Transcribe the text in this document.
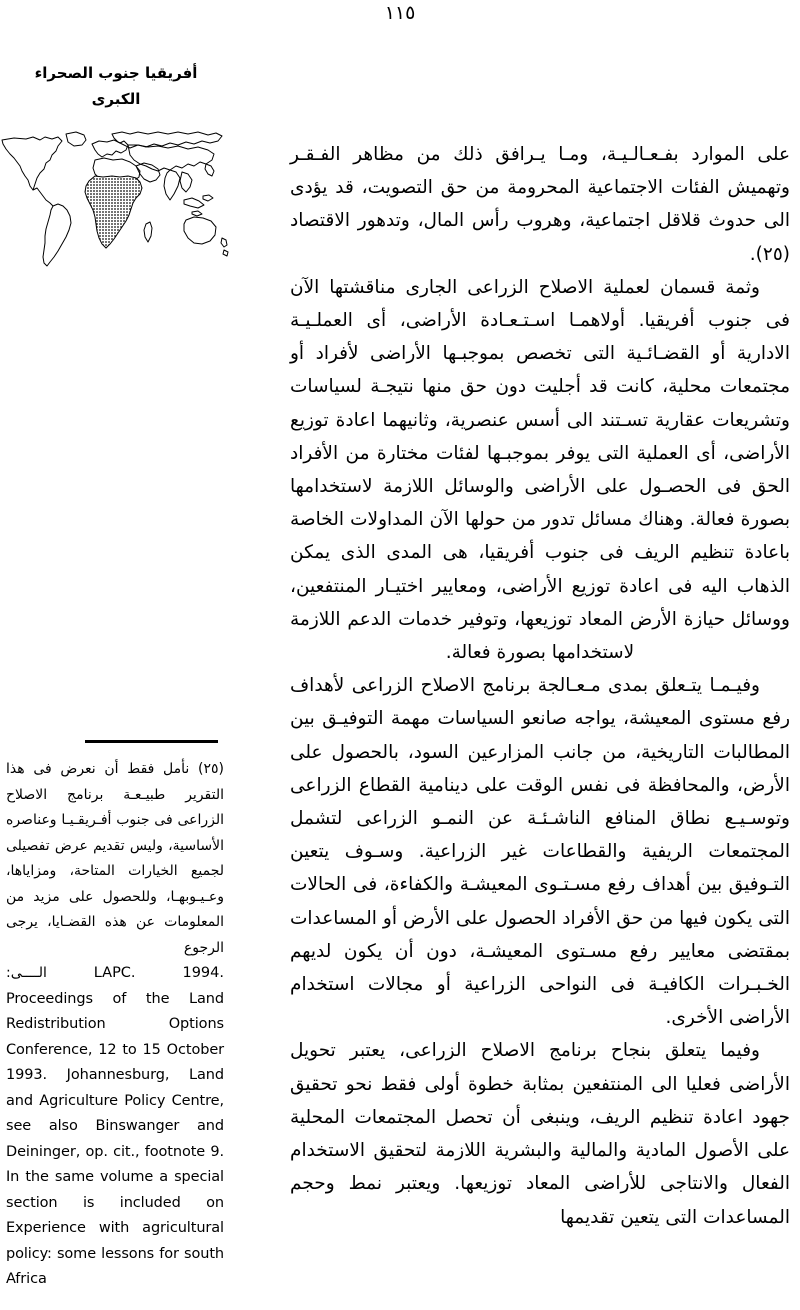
١١٥
أفريقيا جنوب الصحراء
الكبرى
(٢٥) نأمل فقط أن نعرض فى هذا التقرير طبيـعـة برنامج الاصلاح الزراعى فى جنوب أفـريقـيـا وعناصره الأساسية، وليس تقديم عرض تفصيلى لجميع الخيارات المتاحة، ومزاياها، وعـيـوبهـا، وللحصول على مزيد من المعلومات عن هذه القضـايا، يرجى الرجوع
LAPC. 1994. الــــى:
Proceedings of the Land Redistribution Options Conference, 12 to 15 October 1993. Johannesburg, Land and Agriculture Policy Centre, see also Binswanger and Deininger, op. cit., footnote 9. In the same volume a special section is included on Experience with agricultural policy: some lessons for south
Africa

على الموارد بفـعـالـيـة، ومـا يـرافق ذلك من مظاهر الفـقـر وتهميش الفئات الاجتماعية المحرومة من حق التصويت، قد يؤدى الى حدوث قلاقل اجتماعية، وهروب رأس المال، وتدهور الاقتصاد (٢٥).

وثمة قسمان لعملية الاصلاح الزراعى الجارى مناقشتها الآن فى جنوب أفريقيا. أولاهمـا اسـتـعـادة الأراضى، أى العملـيـة الادارية أو القضـائـية التى تخصص بموجبـها الأراضى لأفراد أو مجتمعات محلية، كانت قد أجليت دون حق منها نتيجـة لسياسات وتشريعات عقارية تسـتند الى أسس عنصرية، وثانيهما اعادة توزيع الأراضى، أى العملية التى يوفر بموجبـها لفئات مختارة من الأفراد الحق فى الحصـول على الأراضى والوسائل اللازمة لاستخدامها بصورة فعالة. وهناك مسائل تدور من حولها الآن المداولات الخاصة باعادة تنظيم الريف فى جنوب أفريقيا، هى المدى الذى يمكن الذهاب اليه فى اعادة توزيع الأراضى، ومعايير اختيـار المنتفعين، ووسائل حيازة الأرض المعاد توزيعها، وتوفير خدمات الدعم اللازمة لاستخدامها بصورة فعالة.

وفيـمـا يتـعلق بمدى مـعـالجة برنامج الاصلاح الزراعى لأهداف رفع مستوى المعيشة، يواجه صانعو السياسات مهمة التوفيـق بين المطالبات التاريخية، من جانب المزارعين السود، بالحصول على الأرض، والمحافظة فى نفس الوقت على دينامية القطاع الزراعى وتوسـيـع نطاق المنافع الناشـئـة عن النمـو الزراعى لتشمل المجتمعات الريفية والقطاعات غير الزراعية. وسـوف يتعين التـوفيق بين أهداف رفع مسـتـوى المعيشـة والكفاءة، فى الحالات التى يكون فيها من حق الأفراد الحصول على الأرض أو المساعدات بمقتضى معايير رفع مسـتوى المعيشـة، دون أن يكون لديهم الخـبـرات الكافيـة فى النواحى الزراعية أو مجالات استخدام الأراضى الأخرى.

وفيما يتعلق بنجاح برنامج الاصلاح الزراعى، يعتبر تحويل الأراضى فعليا الى المنتفعين بمثابة خطوة أولى فقط نحو تحقيق جهود اعادة تنظيم الريف، وينبغى أن تحصل المجتمعات المحلية على الأصول المادية والمالية والبشرية اللازمة لتحقيق الاستخدام الفعال والانتاجى للأراضى المعاد توزيعها. ويعتبر نمط وحجم المساعدات التى يتعين تقديمها
